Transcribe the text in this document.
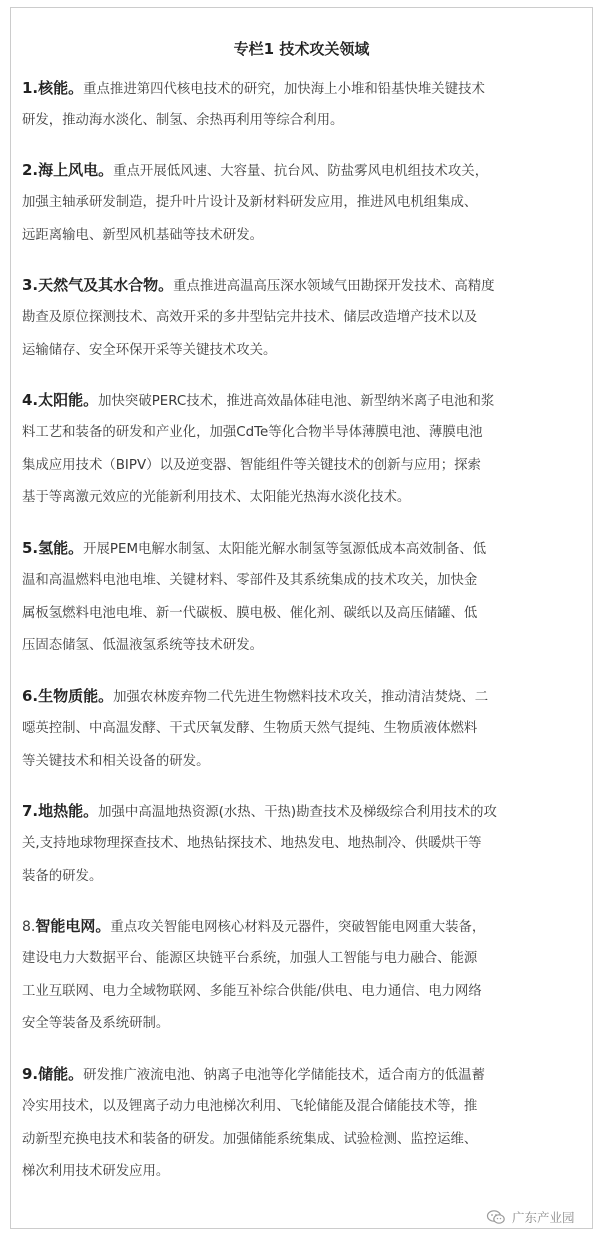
专栏1 技术攻关领域
1.核能。重点推进第四代核电技术的研究，加快海上小堆和铅基快堆关键技术
研发，推动海水淡化、制氢、余热再利用等综合利用。
2.海上风电。重点开展低风速、大容量、抗台风、防盐雾风电机组技术攻关，
加强主轴承研发制造，提升叶片设计及新材料研发应用，推进风电机组集成、
远距离输电、新型风机基础等技术研发。
3.天然气及其水合物。重点推进高温高压深水领域气田勘探开发技术、高精度
勘查及原位探测技术、高效开采的多井型钻完井技术、储层改造增产技术以及
运输储存、安全环保开采等关键技术攻关。
4.太阳能。加快突破PERC技术，推进高效晶体硅电池、新型纳米离子电池和浆
料工艺和装备的研发和产业化，加强CdTe等化合物半导体薄膜电池、薄膜电池
集成应用技术（BIPV）以及逆变器、智能组件等关键技术的创新与应用；探索
基于等离激元效应的光能新利用技术、太阳能光热海水淡化技术。
5.氢能。开展PEM电解水制氢、太阳能光解水制氢等氢源低成本高效制备、低
温和高温燃料电池电堆、关键材料、零部件及其系统集成的技术攻关，加快金
属板氢燃料电池电堆、新一代碳板、膜电极、催化剂、碳纸以及高压储罐、低
压固态储氢、低温液氢系统等技术研发。
6.生物质能。加强农林废弃物二代先进生物燃料技术攻关，推动清洁焚烧、二
噁英控制、中高温发酵、干式厌氧发酵、生物质天然气提纯、生物质液体燃料
等关键技术和相关设备的研发。
7.地热能。加强中高温地热资源(水热、干热)勘查技术及梯级综合利用技术的攻
关,支持地球物理探查技术、地热钻探技术、地热发电、地热制冷、供暖烘干等
装备的研发。
8.智能电网。重点攻关智能电网核心材料及元器件，突破智能电网重大装备，
建设电力大数据平台、能源区块链平台系统，加强人工智能与电力融合、能源
工业互联网、电力全域物联网、多能互补综合供能/供电、电力通信、电力网络
安全等装备及系统研制。
9.储能。研发推广液流电池、钠离子电池等化学储能技术，适合南方的低温蓄
冷实用技术，以及锂离子动力电池梯次利用、飞轮储能及混合储能技术等，推
动新型充换电技术和装备的研发。加强储能系统集成、试验检测、监控运维、
梯次利用技术研发应用。
广东产业园
